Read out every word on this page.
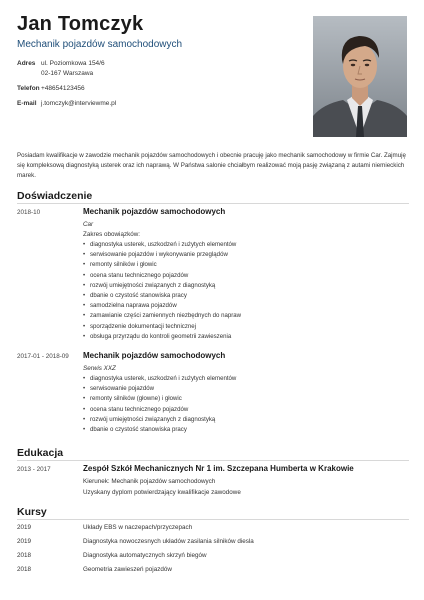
Jan Tomczyk
Mechanik pojazdów samochodowych
Adres ul. Poziomkowa 154/6
02-167 Warszawa
Telefon +48654123456
E-mail j.tomczyk@interviewme.pl
Posiadam kwalifikacje w zawodzie mechanik pojazdów samochodowych i obecnie pracuję jako mechanik samochodowy w firmie Car. Zajmuję się kompleksową diagnostyką usterek oraz ich naprawą. W Państwa salonie chciałbym realizować moją pasję związaną z autami niemieckich marek.
Doświadczenie
2018-10	Mechanik pojazdów samochodowych
Car
Zakres obowiązków:
• diagnostyka usterek, uszkodzeń i zużytych elementów
• serwisowanie pojazdów i wykonywanie przeglądów
• remonty silników i głowic
• ocena stanu technicznego pojazdów
• rozwój umiejętności związanych z diagnostyką
• dbanie o czystość stanowiska pracy
• samodzielna naprawa pojazdów
• zamawianie części zamiennych niezbędnych do napraw
• sporządzenie dokumentacji technicznej
• obsługa przyrządu do kontroli geometrii zawieszenia
2017-01 - 2018-09 Mechanik pojazdów samochodowych
Serwis XXZ
• diagnostyka usterek, uszkodzeń i zużytych elementów
• serwisowanie pojazdów
• remonty silników (głowne) i głowic
• ocena stanu technicznego pojazdów
• rozwój umiejętności związanych z diagnostyką
• dbanie o czystość stanowiska pracy
Edukacja
2013 - 2017	Zespół Szkół Mechanicznych Nr 1 im. Szczepana Humberta w Krakowie
Kierunek: Mechanik pojazdów samochodowych
Uzyskany dyplom potwierdzający kwalifikacje zawodowe
Kursy
2019	Układy EBS w naczepach/przyczepach
2019	Diagnostyka nowoczesnych układów zasilania silników diesla
2018	Diagnostyka automatycznych skrzyń biegów
2018	Geometria zawieszeń pojazdów
